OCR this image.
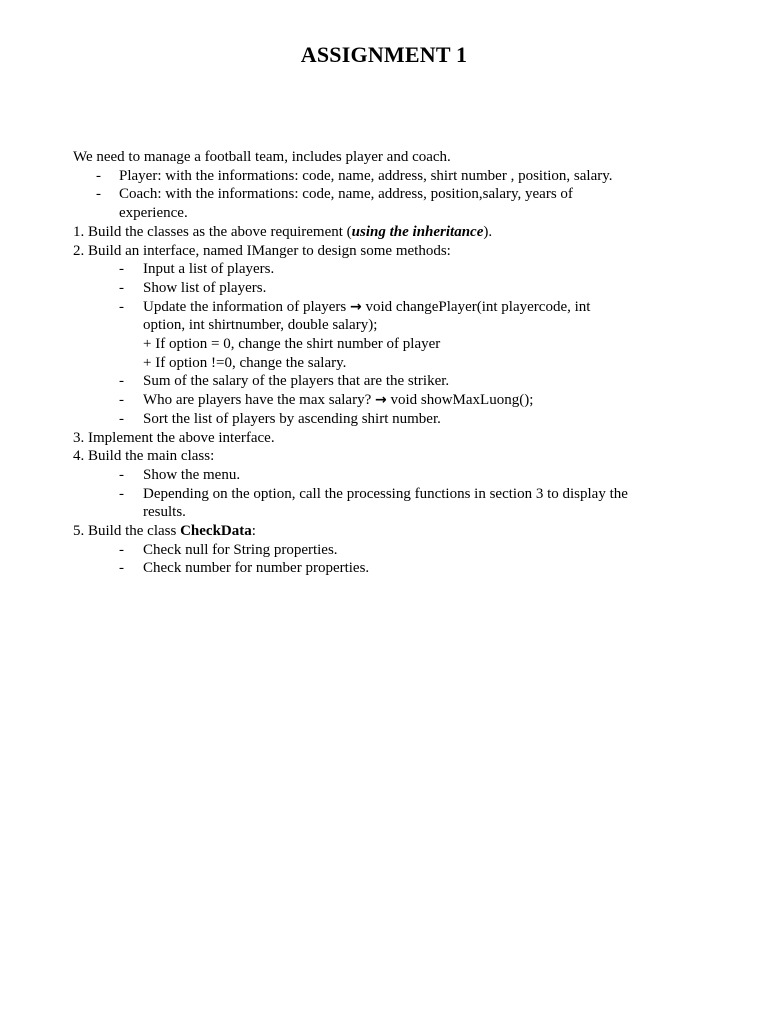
ASSIGNMENT 1
We need to manage a football team, includes player and coach.
- Player: with the informations: code, name, address, shirt number , position, salary.
- Coach: with the informations: code, name, address, position,salary, years of
experience.
1. Build the classes as the above requirement (using the inheritance).
2. Build an interface, named IManger to design some methods:
- Input a list of players.
- Show list of players.
- Update the information of players → void changePlayer(int playercode, int
option, int shirtnumber, double salary);
+ If option = 0, change the shirt number of player
+ If option !=0, change the salary.
- Sum of the salary of the players that are the striker.
- Who are players have the max salary? → void showMaxLuong();
- Sort the list of players by ascending shirt number.
3. Implement the above interface.
4. Build the main class:
- Show the menu.
- Depending on the option, call the processing functions in section 3 to display the
results.
5. Build the class CheckData:
- Check null for String properties.
- Check number for number properties.
